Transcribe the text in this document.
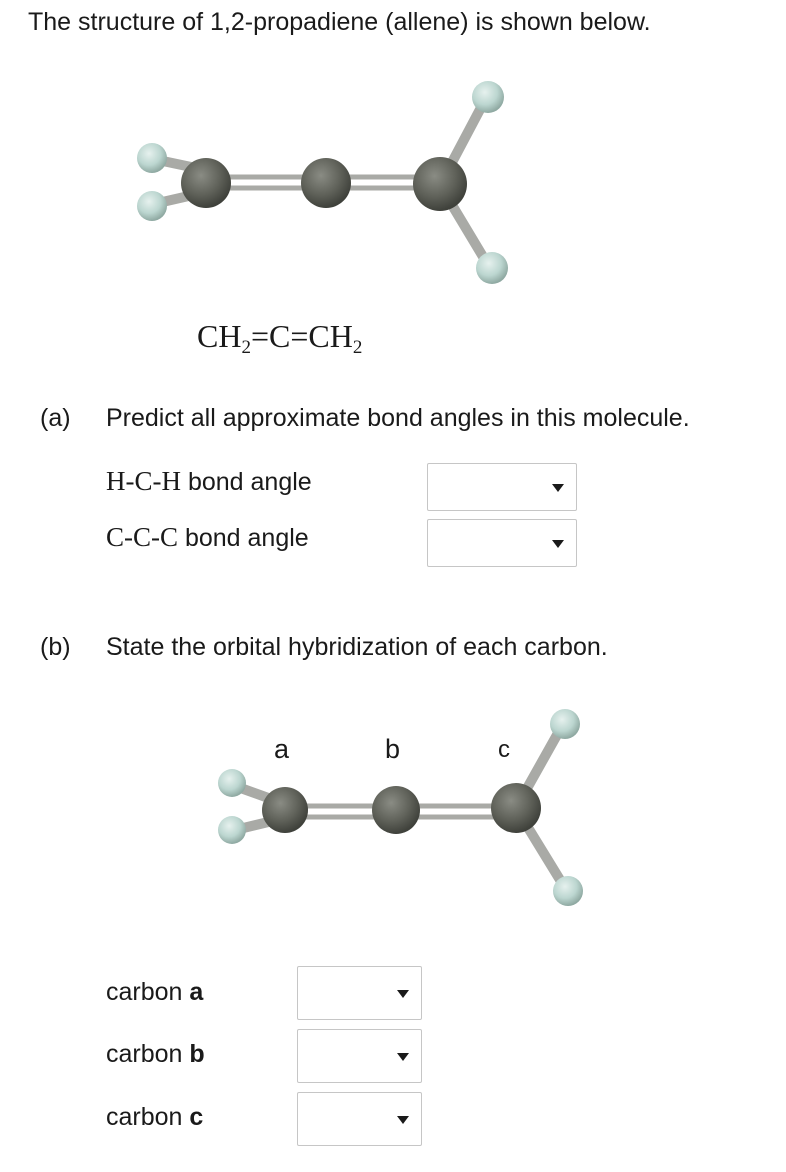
The structure of 1,2-propadiene (allene) is shown below.
$CH_2=C=CH_2$
(a) Predict all approximate bond angles in this molecule.
H-C-H bond angle
C-C-C bond angle
(b) State the orbital hybridization of each carbon.
a	b	c
carbon a
carbon b
carbon c
